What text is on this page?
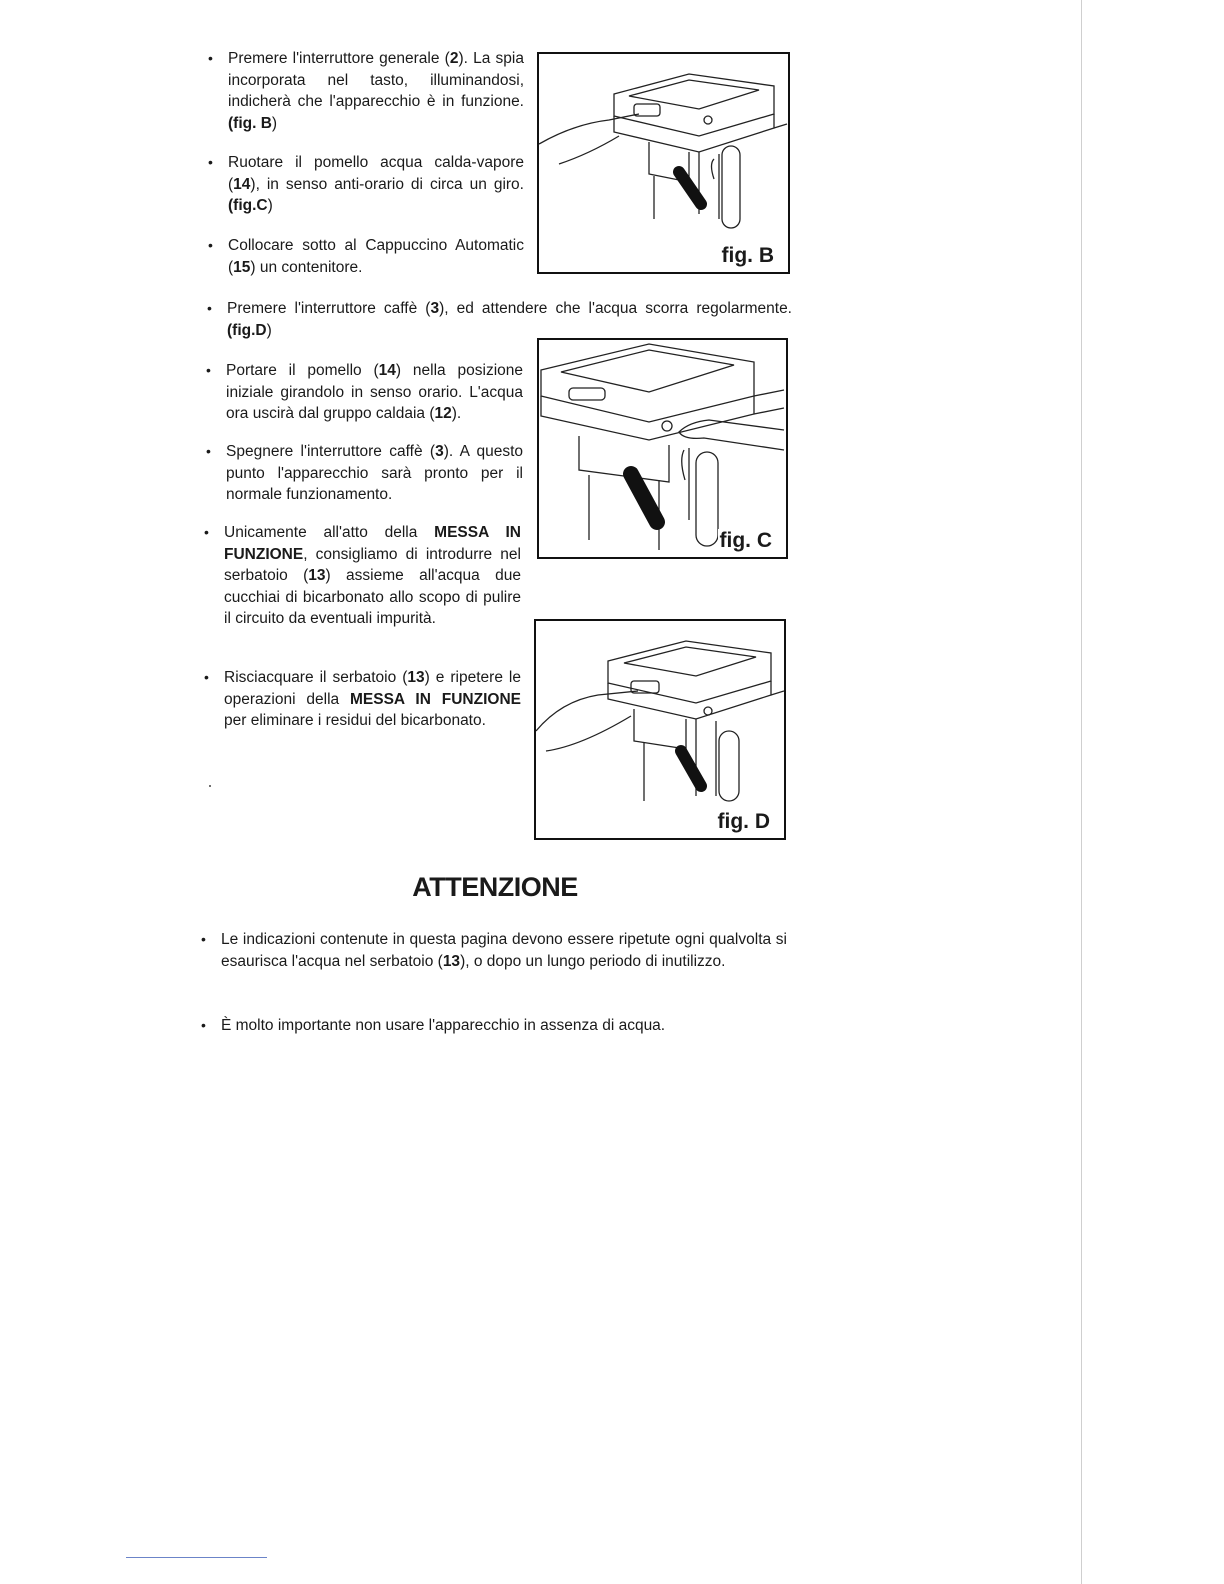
• Premere l'interruttore generale (2). La spia incorporata nel tasto, illuminandosi, indicherà che l'apparecchio è in funzione.(fig. B)

• Ruotare il pomello acqua calda-vapore (14), in senso anti-orario di circa un giro.(fig.C)

• Collocare sotto al Cappuccino Automatic (15) un contenitore.	fig. B
• Premere l'interruttore caffè (3), ed attendere che l'acqua scorra regolarmente. (fig.D)

• Portare il pomello (14) nella posizione iniziale girandolo in senso orario. L'acqua ora uscirà dal gruppo caldaia (12).

• Spegnere l'interruttore caffè (3). A questo punto l'apparecchio sarà pronto per il normale funzionamento.

fig. C
• Unicamente all'atto della MESSA IN FUNZIONE, consigliamo di introdurre nel serbatoio (13) assieme all'acqua due cucchiai di bicarbonato allo scopo di pulire il circuito da eventuali impurità.

fig. D
• Risciacquare il serbatoio (13) e ripetere le operazioni della MESSA IN FUNZIONE per eliminare i residui del bicarbonato.

ATTENZIONE
• Le indicazioni contenute in questa pagina devono essere ripetute ogni qualvolta si esaurisca l'acqua nel serbatoio (13), o dopo un lungo periodo di inutilizzo.

• È molto importante non usare l'apparecchio in assenza di acqua.
